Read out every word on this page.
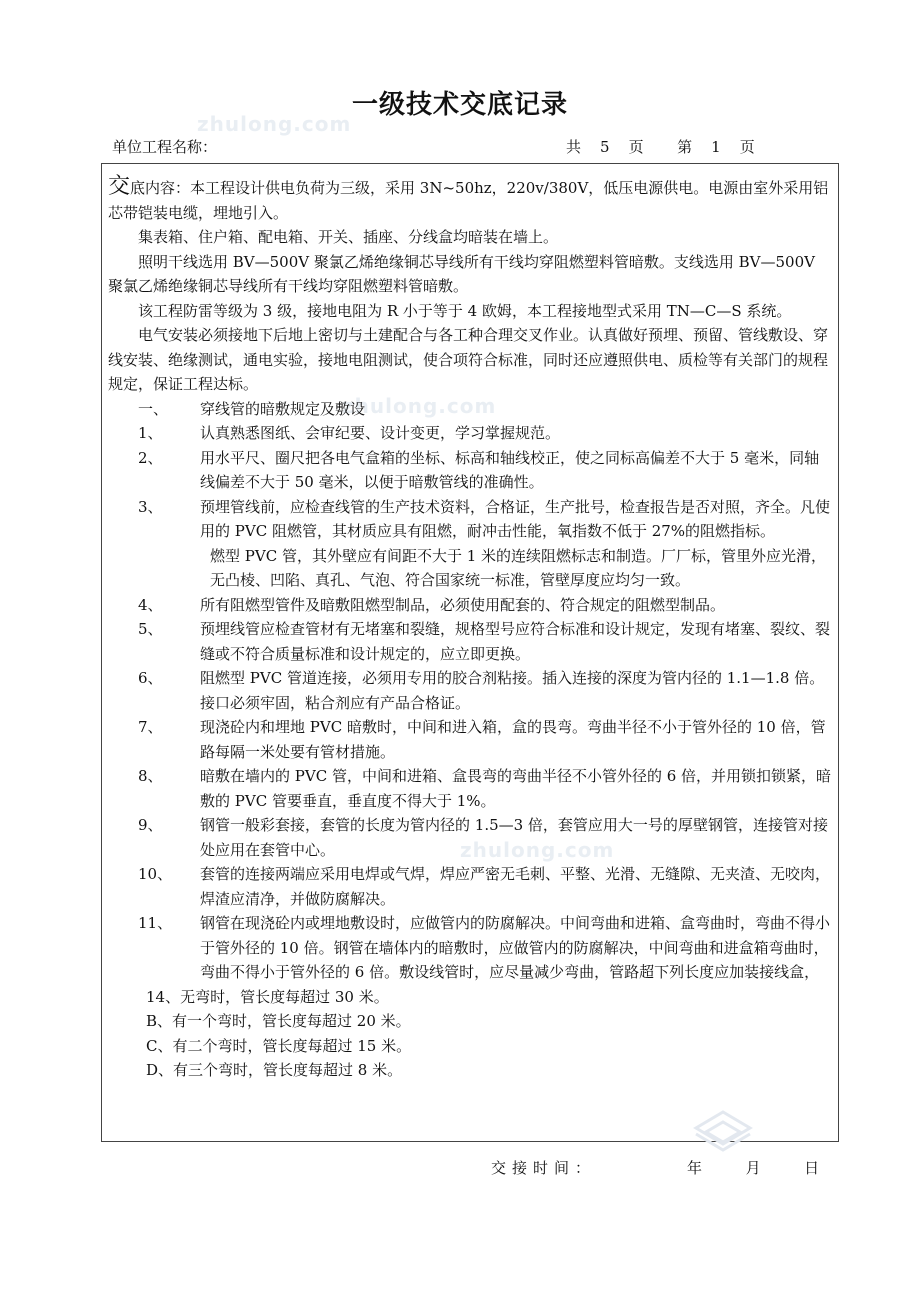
zhulong.com
zhulong.com
zhulong.com
一级技术交底记录
单位工程名称：	共 5 页 第 1 页

交底内容：本工程设计供电负荷为三级，采用 3N~50hz，220v/380V，低压电源供电。电源由室外采用铝芯带铠装电缆，埋地引入。

集表箱、住户箱、配电箱、开关、插座、分线盒均暗装在墙上。

照明干线选用 BV—500V 聚氯乙烯绝缘铜芯导线所有干线均穿阻燃塑料管暗敷。支线选用 BV—500V 聚氯乙烯绝缘铜芯导线所有干线均穿阻燃塑料管暗敷。

该工程防雷等级为 3 级，接地电阻为 R 小于等于 4 欧姆，本工程接地型式采用 TN—C—S 系统。

电气安装必须接地下后地上密切与土建配合与各工种合理交叉作业。认真做好预埋、预留、管线敷设、穿线安装、绝缘测试，通电实验，接地电阻测试，使合项符合标准，同时还应遵照供电、质检等有关部门的规程规定，保证工程达标。

一、	穿线管的暗敷规定及敷设
1、	认真熟悉图纸、会审纪要、设计变更，学习掌握规范。
2、	用水平尺、圈尺把各电气盒箱的坐标、标高和轴线校正，使之同标高偏差不大于 5 毫米，同轴线偏差不大于 50 毫米，以便于暗敷管线的准确性。
3、	预埋管线前，应检查线管的生产技术资料，合格证，生产批号，检查报告是否对照，齐全。凡使用的 PVC 阻燃管，其材质应具有阻燃，耐冲击性能，氧指数不低于 27%的阻燃指标。

燃型 PVC 管，其外壁应有间距不大于 1 米的连续阻燃标志和制造。厂厂标，管里外应光滑，无凸棱、凹陷、真孔、气泡、符合国家统一标准，管壁厚度应均匀一致。

4、	所有阻燃型管件及暗敷阻燃型制品，必须使用配套的、符合规定的阻燃型制品。
5、	预埋线管应检查管材有无堵塞和裂缝，规格型号应符合标准和设计规定，发现有堵塞、裂纹、裂缝或不符合质量标准和设计规定的，应立即更换。
6、	阻燃型 PVC 管道连接，必须用专用的胶合剂粘接。插入连接的深度为管内径的 1.1—1.8 倍。接口必须牢固，粘合剂应有产品合格证。
7、	现浇砼内和埋地 PVC 暗敷时，中间和进入箱，盒的畏弯。弯曲半径不小于管外径的 10 倍，管路每隔一米处要有管材措施。
8、	暗敷在墙内的 PVC 管，中间和进箱、盒畏弯的弯曲半径不小管外径的 6 倍，并用锁扣锁紧，暗敷的 PVC 管要垂直，垂直度不得大于 1%。
9、	钢管一般彩套接，套管的长度为管内径的 1.5—3 倍，套管应用大一号的厚壁钢管，连接管对接处应用在套管中心。
10、	套管的连接两端应采用电焊或气焊，焊应严密无毛刺、平整、光滑、无缝隙、无夹渣、无咬肉，焊渣应清净，并做防腐解决。
11、	钢管在现浇砼内或埋地敷设时，应做管内的防腐解决。中间弯曲和进箱、盒弯曲时，弯曲不得小于管外径的 10 倍。钢管在墙体内的暗敷时，应做管内的防腐解决，中间弯曲和进盒箱弯曲时，弯曲不得小于管外径的 6 倍。敷设线管时，应尽量减少弯曲，管路超下列长度应加装接线盒，

14、无弯时，管长度每超过 30 米。

B、有一个弯时，管长度每超过 20 米。

C、有二个弯时，管长度每超过 15 米。

D、有三个弯时，管长度每超过 8 米。

交接时间：	年	月	日
